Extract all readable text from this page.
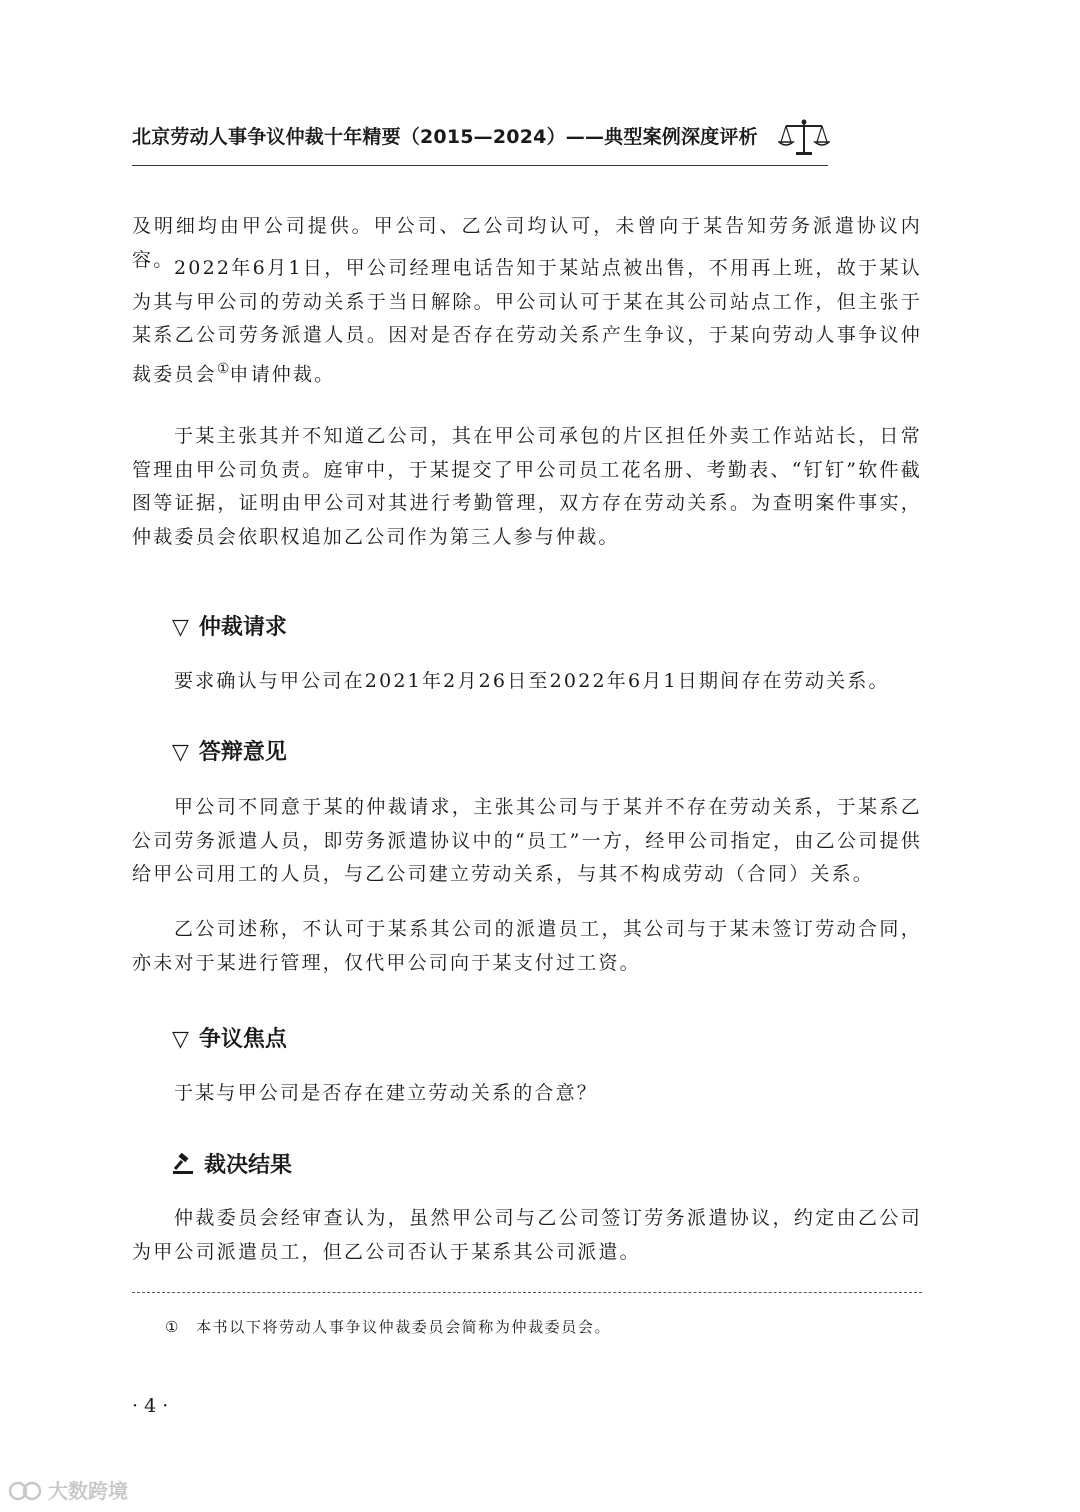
北京劳动人事争议仲裁十年精要（2015—2024）——典型案例深度评析

及明细均由甲公司提供。甲公司、乙公司均认可，未曾向于某告知劳务派遣协议内容。 2022年6月1日，甲公司经理电话告知于某站点被出售，不用再上班，故于某认为其与甲公司的劳动关系于当日解除。甲公司认可于某在其公司站点工作，但主张于某系乙公司劳务派遣人员。因对是否存在劳动关系产生争议，于某向劳动人事争议仲裁委员会①申请仲裁。

于某主张其并不知道乙公司，其在甲公司承包的片区担任外卖工作站站长，日常管理由甲公司负责。庭审中，于某提交了甲公司员工花名册、考勤表、“钉钉”软件截图等证据，证明由甲公司对其进行考勤管理，双方存在劳动关系。为查明案件事实，仲裁委员会依职权追加乙公司作为第三人参与仲裁。

▽ 仲裁请求

要求确认与甲公司在2021年2月26日至2022年6月1日期间存在劳动关系。

▽ 答辩意见

甲公司不同意于某的仲裁请求，主张其公司与于某并不存在劳动关系，于某系乙公司劳务派遣人员，即劳务派遣协议中的“员工”一方，经甲公司指定，由乙公司提供给甲公司用工的人员，与乙公司建立劳动关系，与其不构成劳动（合同）关系。

乙公司述称，不认可于某系其公司的派遣员工，其公司与于某未签订劳动合同，亦未对于某进行管理，仅代甲公司向于某支付过工资。

▽ 争议焦点

于某与甲公司是否存在建立劳动关系的合意？

裁决结果

仲裁委员会经审查认为，虽然甲公司与乙公司签订劳务派遣协议，约定由乙公司为甲公司派遣员工，但乙公司否认于某系其公司派遣。

① 本书以下将劳动人事争议仲裁委员会简称为仲裁委员会。
· 4 ·
大数跨境
